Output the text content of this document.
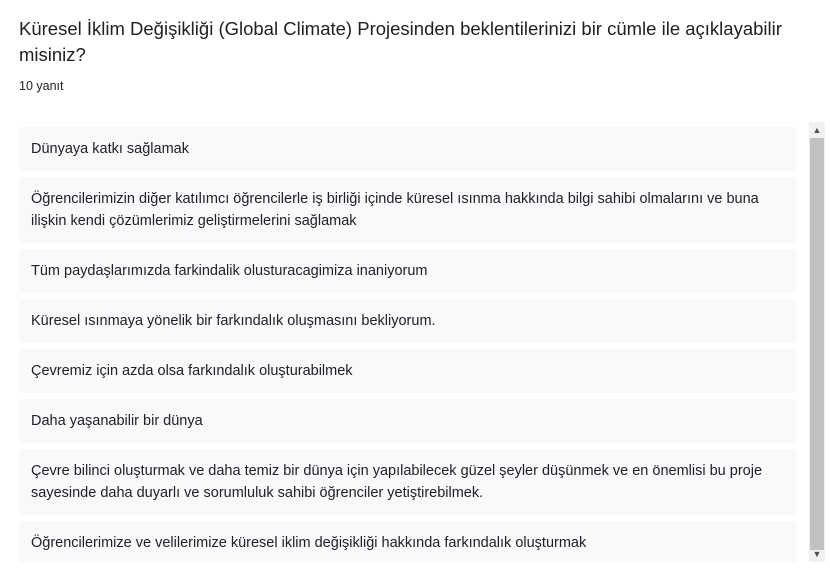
Küresel İklim Değişikliği (Global Climate) Projesinden beklentilerinizi bir cümle ile açıklayabilir misiniz?
10 yanıt
Dünyaya katkı sağlamak
Öğrencilerimizin diğer katılımcı öğrencilerle iş birliği içinde küresel ısınma hakkında bilgi sahibi olmalarını ve buna ilişkin kendi çözümlerimiz geliştirmelerini sağlamak
Tüm paydaşlarımızda farkindalik olusturacagimiza inaniyorum
Küresel ısınmaya yönelik bir farkındalık oluşmasını bekliyorum.
Çevremiz için azda olsa farkındalık oluşturabilmek
Daha yaşanabilir bir dünya
Çevre bilinci oluşturmak ve daha temiz bir dünya için yapılabilecek güzel şeyler düşünmek ve en önemlisi bu proje sayesinde daha duyarlı ve sorumluluk sahibi öğrenciler yetiştirebilmek.
Öğrencilerimize ve velilerimize küresel iklim değişikliği hakkında farkındalık oluşturmak
▲
▼
